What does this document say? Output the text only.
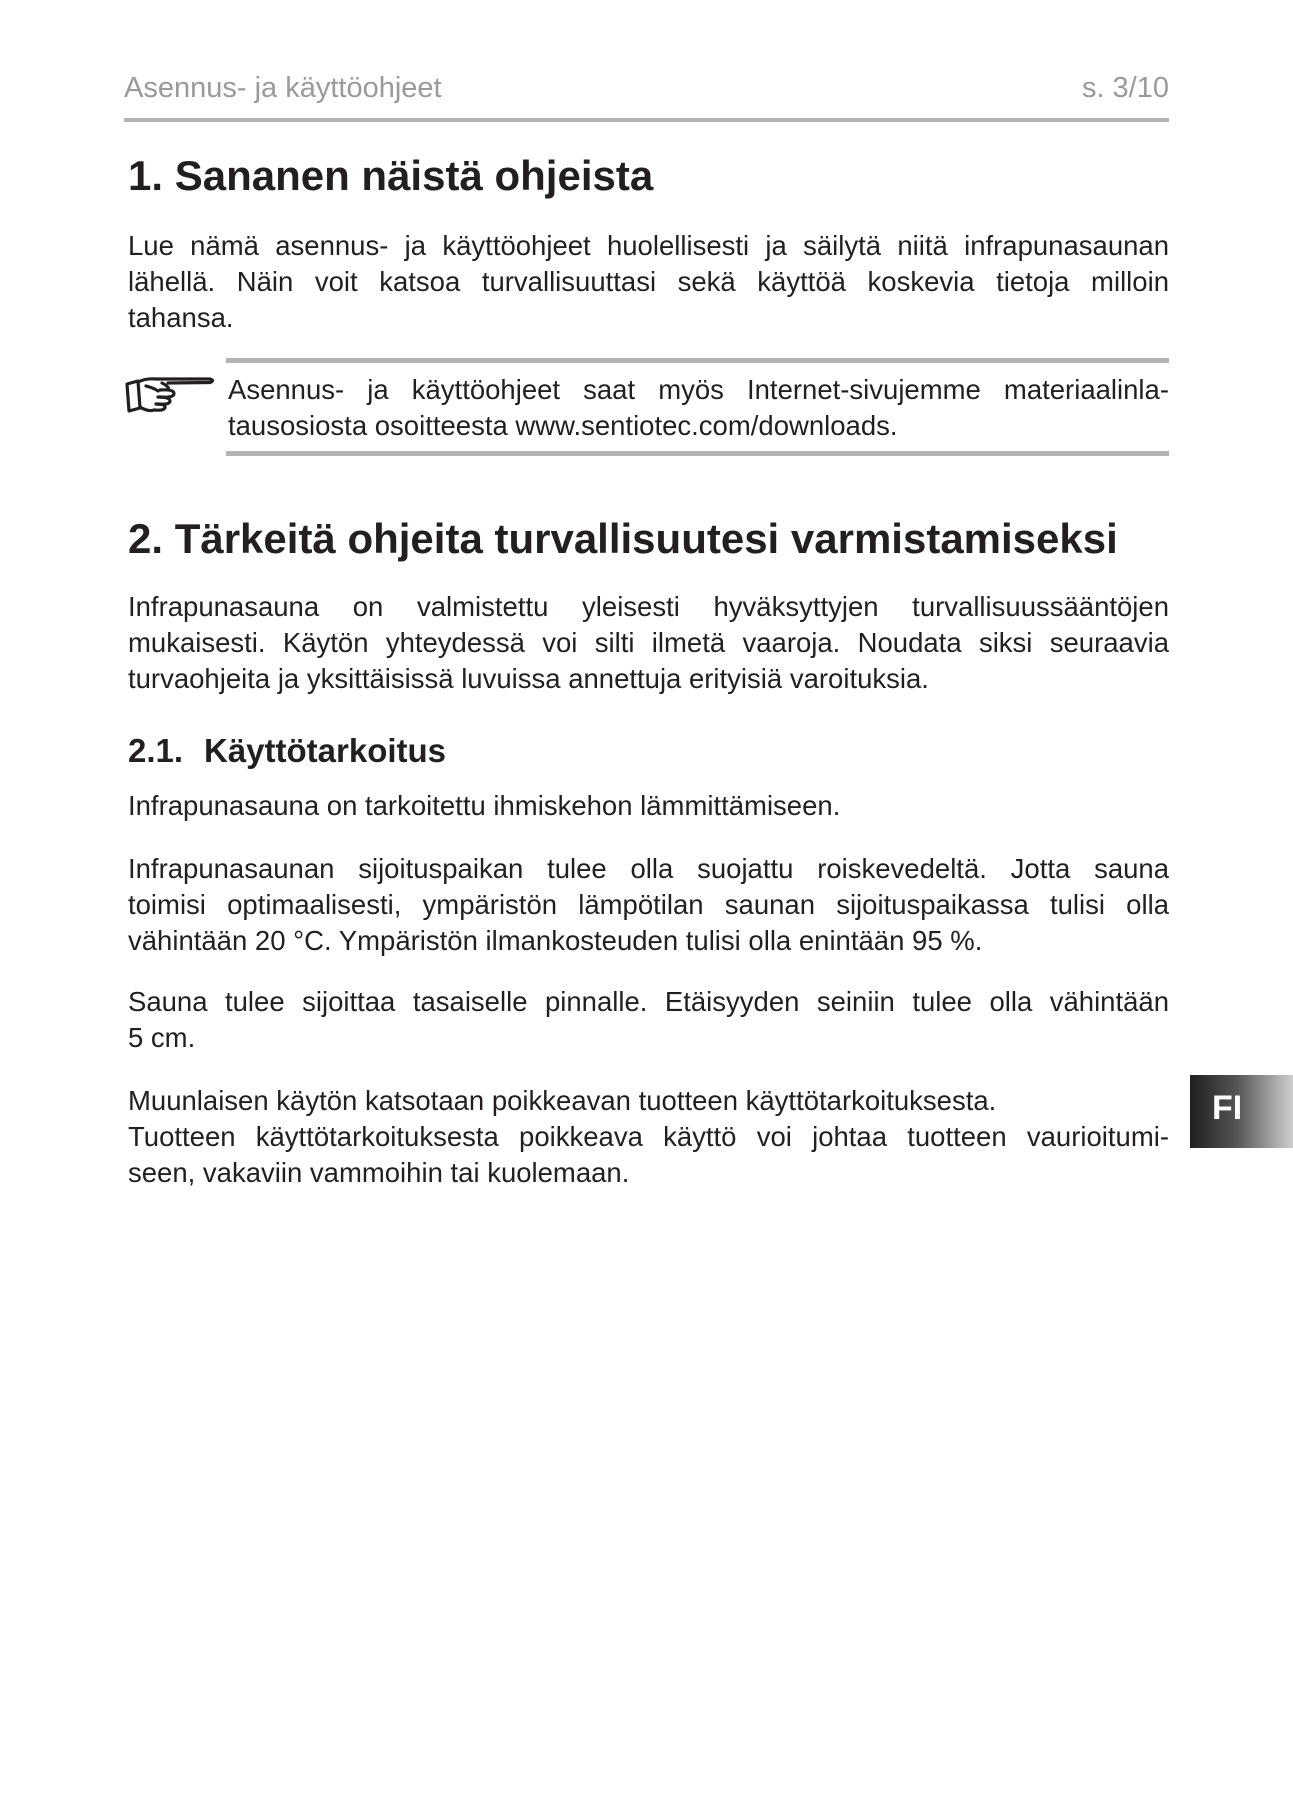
Asennus- ja käyttöohjeet	s. 3/10
1. Sananen näistä ohjeista
Lue nämä asennus- ja käyttöohjeet huolellisesti ja säilytä niitä infrapunasaunan
lähellä. Näin voit katsoa turvallisuuttasi sekä käyttöä koskevia tietoja milloin
tahansa.
Asennus- ja käyttöohjeet saat myös Internet-sivujemme materiaalinla-
tausosiosta osoitteesta www.sentiotec.com/downloads.
2. Tärkeitä ohjeita turvallisuutesi varmistamiseksi
Infrapunasauna on valmistettu yleisesti hyväksyttyjen turvallisuussääntöjen
mukaisesti. Käytön yhteydessä voi silti ilmetä vaaroja. Noudata siksi seuraavia
turvaohjeita ja yksittäisissä luvuissa annettuja erityisiä varoituksia.
2.1. Käyttötarkoitus
Infrapunasauna on tarkoitettu ihmiskehon lämmittämiseen.
Infrapunasaunan sijoituspaikan tulee olla suojattu roiskevedeltä. Jotta sauna
toimisi optimaalisesti, ympäristön lämpötilan saunan sijoituspaikassa tulisi olla
vähintään 20 °C. Ympäristön ilmankosteuden tulisi olla enintään 95 %.
Sauna tulee sijoittaa tasaiselle pinnalle. Etäisyyden seiniin tulee olla vähintään
5 cm.
Muunlaisen käytön katsotaan poikkeavan tuotteen käyttötarkoituksesta.
Tuotteen käyttötarkoituksesta poikkeava käyttö voi johtaa tuotteen vaurioitumi-
seen, vakaviin vammoihin tai kuolemaan.
FI
